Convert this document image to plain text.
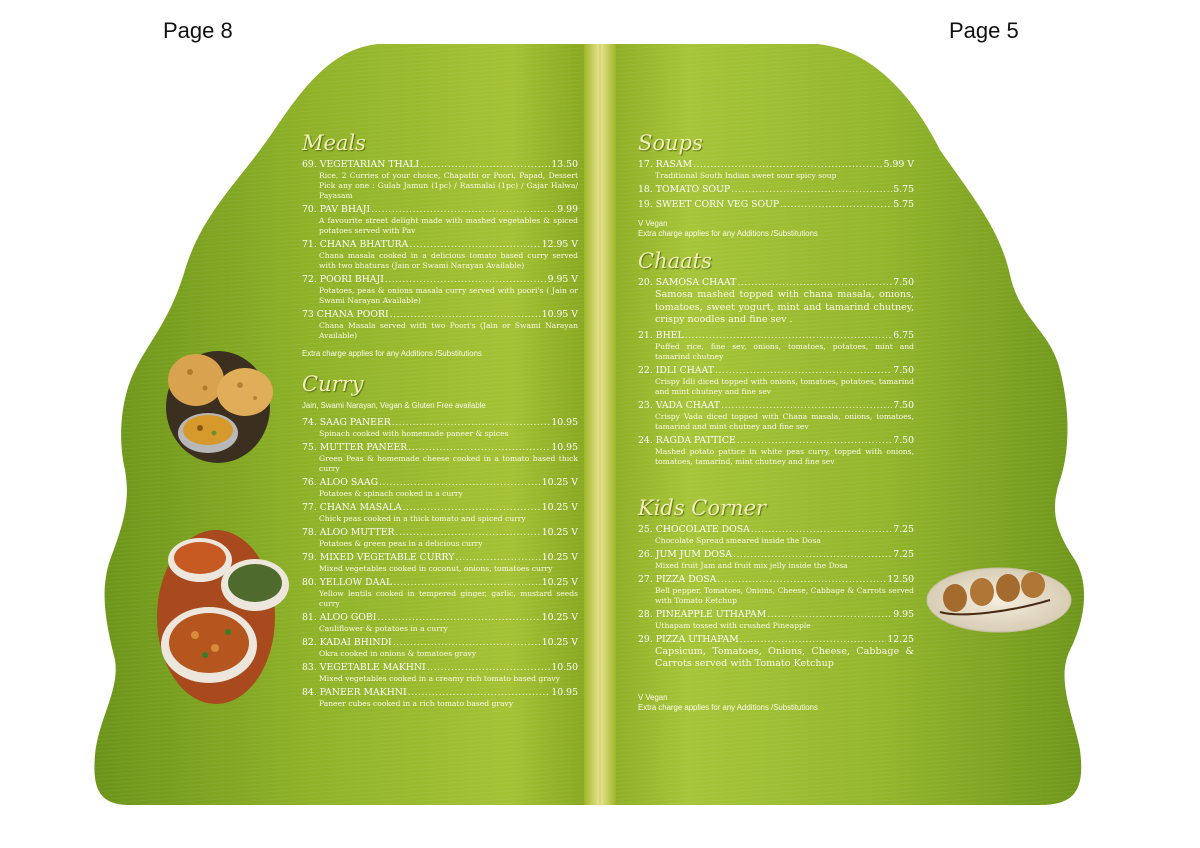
Page 8	Page 5
Meals
69. VEGETARIAN THALI .....	13.50
Rice, 2 Curries of your choice, Chapathi or Poori, Papad, Dessert Pick any one : Gulab Jamun (1pc) / Rasmalai (1pc) / Gajar Halwa/ Payasam
70. PAV BHAJI .....	9.99
A favourite street delight made with mashed vegetables & spiced potatoes served with Pav
71. CHANA BHATURA .....	12.95 V
Chana masala cooked in a delicious tomato based curry served with two bhaturas (Jain or Swami Narayan Available)
72. POORI BHAJI .....	9.95 V
Potatoes, peas & onions masala curry served with poori's ( Jain or Swami Narayan Available)
73 CHANA POORI .....	10.95 V
Chana Masala served with two Poori's (Jain or Swami Narayan Available)
Extra charge applies for any Additions /Substitutions
Curry
Jain, Swami Narayan, Vegan & Gluten Free available
74. SAAG PANEER .....	10.95
Spinach cooked with homemade paneer & spices
75. MUTTER PANEER .....	10.95
Green Peas & homemade cheese cooked in a tomato based thick curry
76. ALOO SAAG .....	10.25 V
Potatoes & spinach cooked in a curry
77. CHANA MASALA .....	10.25 V
Chick peas cooked in a thick tomato and spiced curry
78. ALOO MUTTER .....	10.25 V
Potatoes & green peas in a delicious curry
79. MIXED VEGETABLE CURRY .....	10.25 V
Mixed vegetables cooked in coconut, onions, tomatoes curry
80. YELLOW DAAL .....	10.25 V
Yellow lentils cooked in tempered ginger, garlic, mustard seeds curry
81. ALOO GOBI .....	10.25 V
Cauliflower & potatoes in a curry
82. KADAI BHINDI .....	10.25 V
Okra cooked in onions & tomatoes gravy
83. VEGETABLE MAKHNI .....	10.50
Mixed vegetables cooked in a creamy rich tomato based gravy
84. PANEER MAKHNI .....	10.95
Paneer cubes cooked in a rich tomato based gravy
Soups
17. RASAM .....	5.99 V
Traditional South Indian sweet sour spicy soup
18. TOMATO SOUP .....	5.75
19. SWEET CORN VEG SOUP .....	5.75
V Vegan
Extra charge applies for any Additions /Substitutions
Chaats
20. SAMOSA CHAAT .....	7.50
Samosa mashed topped with chana masala, onions, tomatoes, sweet yogurt, mint and tamarind chutney, crispy noodles and fine sev .
21. BHEL .....	6.75
Puffed rice, fine sev, onions, tomatoes, potatoes, mint and tamarind chutney
22. IDLI CHAAT .....	7.50
Crispy Idli diced topped with onions, tomatoes, potatoes, tamarind and mint chutney and fine sev
23. VADA CHAAT .....	7.50
Crispy Vada diced topped with Chana masala, onions, tomatoes, tamarind and mint chutney and fine sev
24. RAGDA PATTICE .....	7.50
Mashed potato pattice in white peas curry, topped with onions, tomatoes, tamarind, mint chutney and fine sev
Kids Corner
25. CHOCOLATE DOSA .....	7.25
Chocolate Spread smeared inside the Dosa
26. JUM JUM DOSA .....	7.25
Mixed fruit Jam and fruit mix jelly inside the Dosa
27. PIZZA DOSA .....	12.50
Bell pepper, Tomatoes, Onions, Cheese, Cabbage & Carrots served with Tomato Ketchup
28. PINEAPPLE UTHAPAM .....	9.95
Uthapam tossed with crushed Pineapple
29. PIZZA UTHAPAM .....	12.25
Capsicum, Tomatoes, Onions, Cheese, Cabbage & Carrots served with Tomato Ketchup
V Vegan
Extra charge applies for any Additions /Substitutions
